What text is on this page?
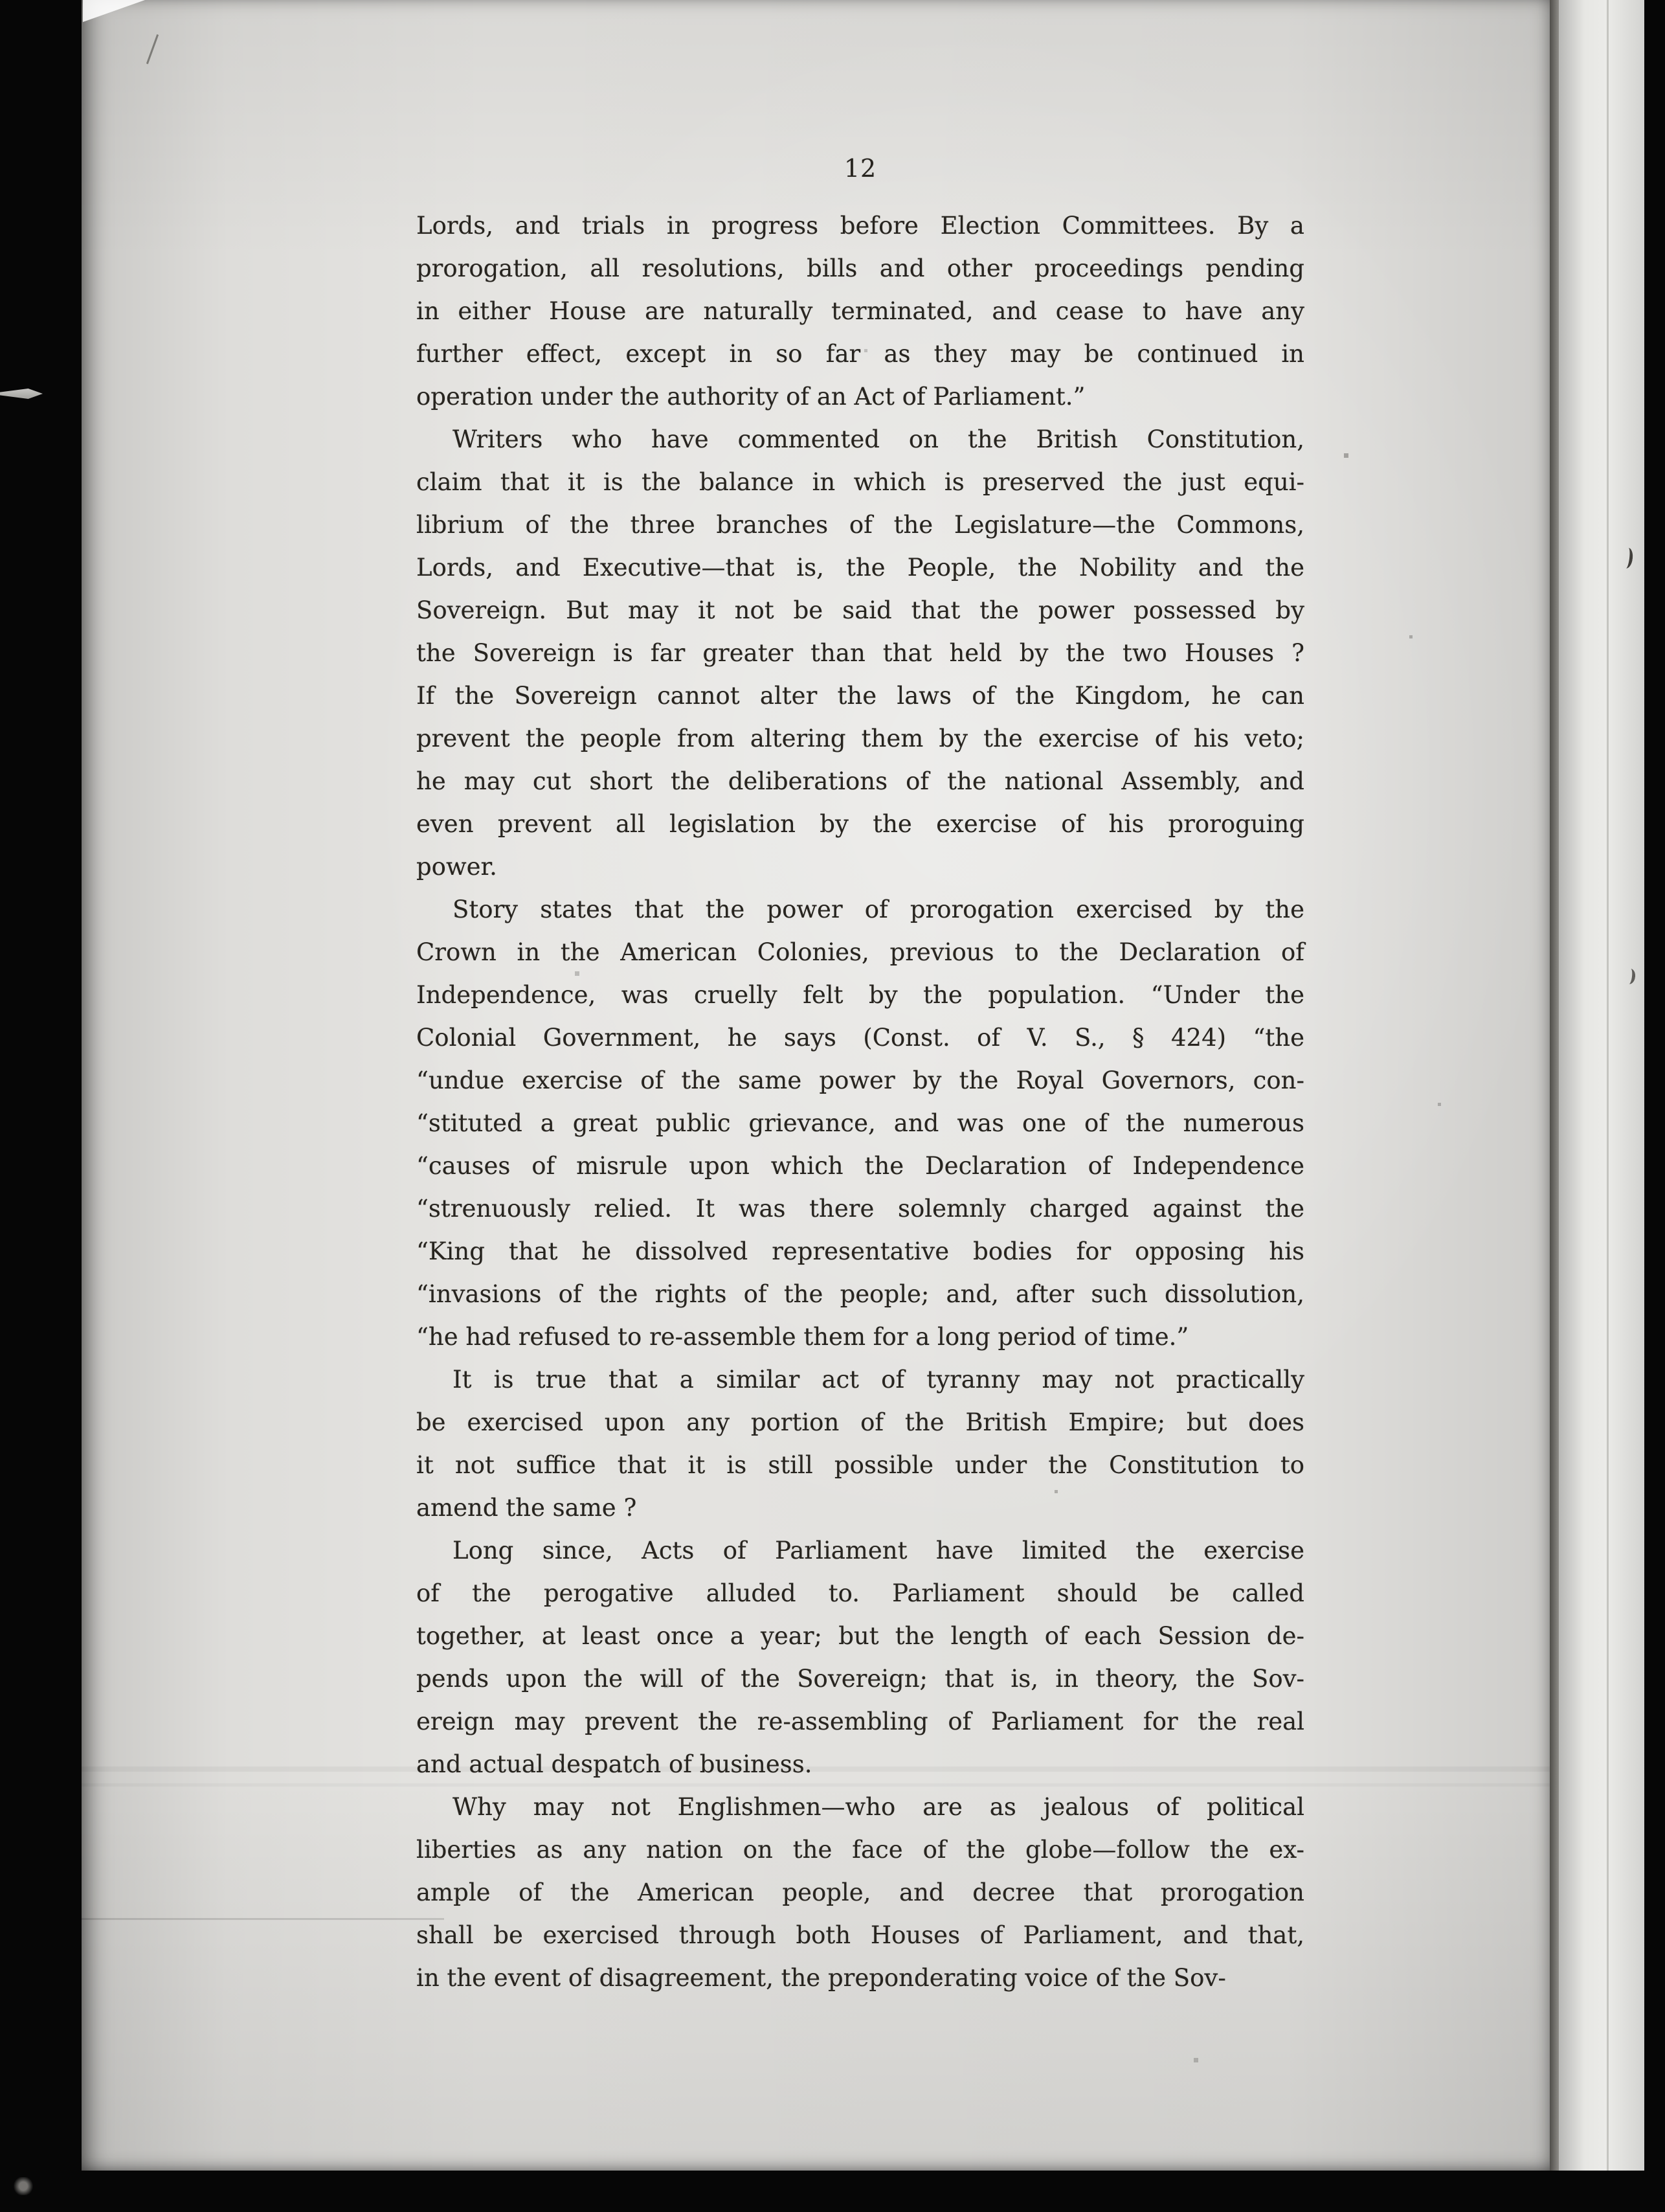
12
Lords, and trials in progress before Election Committees. By a
prorogation, all resolutions, bills and other proceedings pending
in either House are naturally terminated, and cease to have any
further effect, except in so far as they may be continued in
operation under the authority of an Act of Parliament.”
Writers who have commented on the British Constitution,
claim that it is the balance in which is preserved the just equi-
librium of the three branches of the Legislature—the Commons,
Lords, and Executive—that is, the People, the Nobility and the
Sovereign. But may it not be said that the power possessed by
the Sovereign is far greater than that held by the two Houses ?
If the Sovereign cannot alter the laws of the Kingdom, he can
prevent the people from altering them by the exercise of his veto;
he may cut short the deliberations of the national Assembly, and
even prevent all legislation by the exercise of his proroguing
power.
Story states that the power of prorogation exercised by the
Crown in the American Colonies, previous to the Declaration of
Independence, was cruelly felt by the population. “Under the
Colonial Government, he says (Const. of V. S., § 424) “the
“undue exercise of the same power by the Royal Governors, con-
“stituted a great public grievance, and was one of the numerous
“causes of misrule upon which the Declaration of Independence
“strenuously relied. It was there solemnly charged against the
“King that he dissolved representative bodies for opposing his
“invasions of the rights of the people; and, after such dissolution,
“he had refused to re-assemble them for a long period of time.”
It is true that a similar act of tyranny may not practically
be exercised upon any portion of the British Empire; but does
it not suffice that it is still possible under the Constitution to
amend the same ?
Long since, Acts of Parliament have limited the exercise
of the perogative alluded to. Parliament should be called
together, at least once a year; but the length of each Session de-
pends upon the will of the Sovereign; that is, in theory, the Sov-
ereign may prevent the re-assembling of Parliament for the real
and actual despatch of business.
Why may not Englishmen—who are as jealous of political
liberties as any nation on the face of the globe—follow the ex-
ample of the American people, and decree that prorogation
shall be exercised through both Houses of Parliament, and that,
in the event of disagreement, the preponderating voice of the Sov-
